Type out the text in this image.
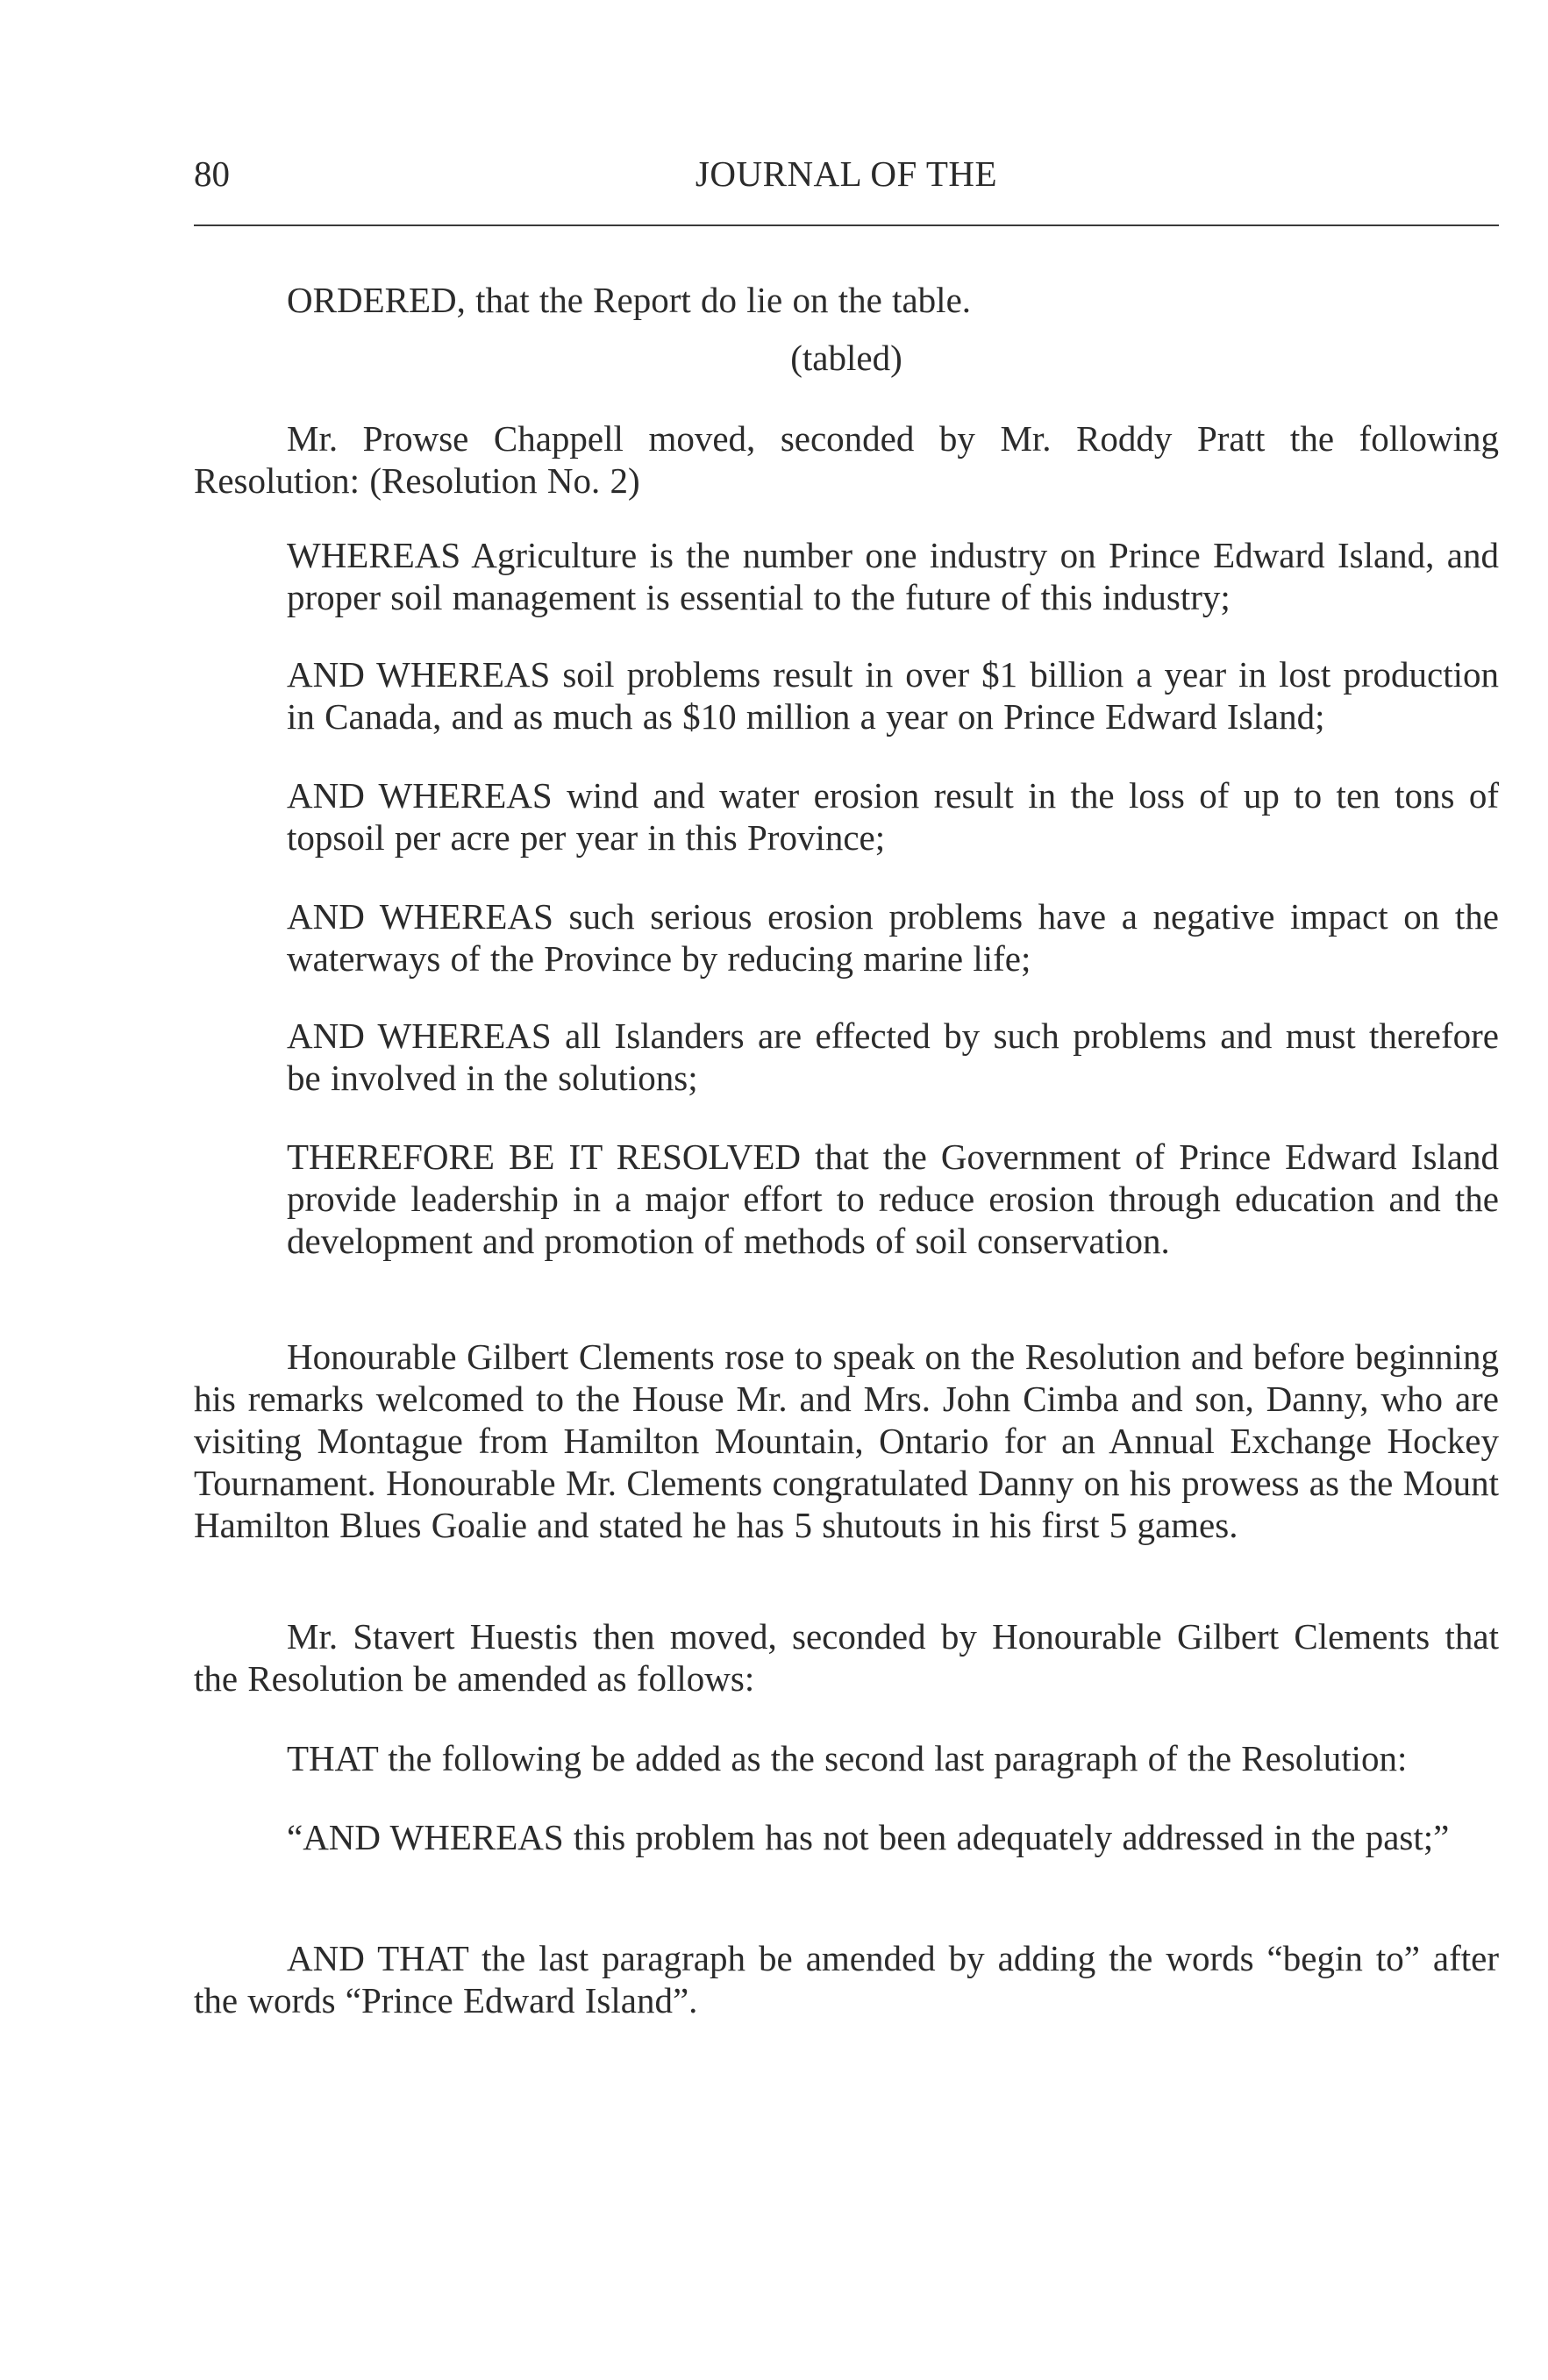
80	JOURNAL OF THE
ORDERED, that the Report do lie on the table.
(tabled)
Mr. Prowse Chappell moved, seconded by Mr. Roddy Pratt the following Resolution: (Resolution No. 2)
WHEREAS Agriculture is the number one industry on Prince Edward Island, and proper soil management is essential to the future of this industry;
AND WHEREAS soil problems result in over $1 billion a year in lost production in Canada, and as much as $10 million a year on Prince Edward Island;
AND WHEREAS wind and water erosion result in the loss of up to ten tons of topsoil per acre per year in this Province;
AND WHEREAS such serious erosion problems have a negative impact on the waterways of the Province by reducing marine life;
AND WHEREAS all Islanders are effected by such problems and must therefore be involved in the solutions;
THEREFORE BE IT RESOLVED that the Government of Prince Edward Island provide leadership in a major effort to reduce erosion through education and the development and promotion of methods of soil conservation.
Honourable Gilbert Clements rose to speak on the Resolution and before beginning his remarks welcomed to the House Mr. and Mrs. John Cimba and son, Danny, who are visiting Montague from Hamilton Mountain, Ontario for an Annual Exchange Hockey Tournament. Honourable Mr. Clements congratulated Danny on his prowess as the Mount Hamilton Blues Goalie and stated he has 5 shutouts in his first 5 games.
Mr. Stavert Huestis then moved, seconded by Honourable Gilbert Clements that the Resolution be amended as follows:
THAT the following be added as the second last paragraph of the Resolution:
“AND WHEREAS this problem has not been adequately addressed in the past;”
AND THAT the last paragraph be amended by adding the words “begin to” after the words “Prince Edward Island”.
